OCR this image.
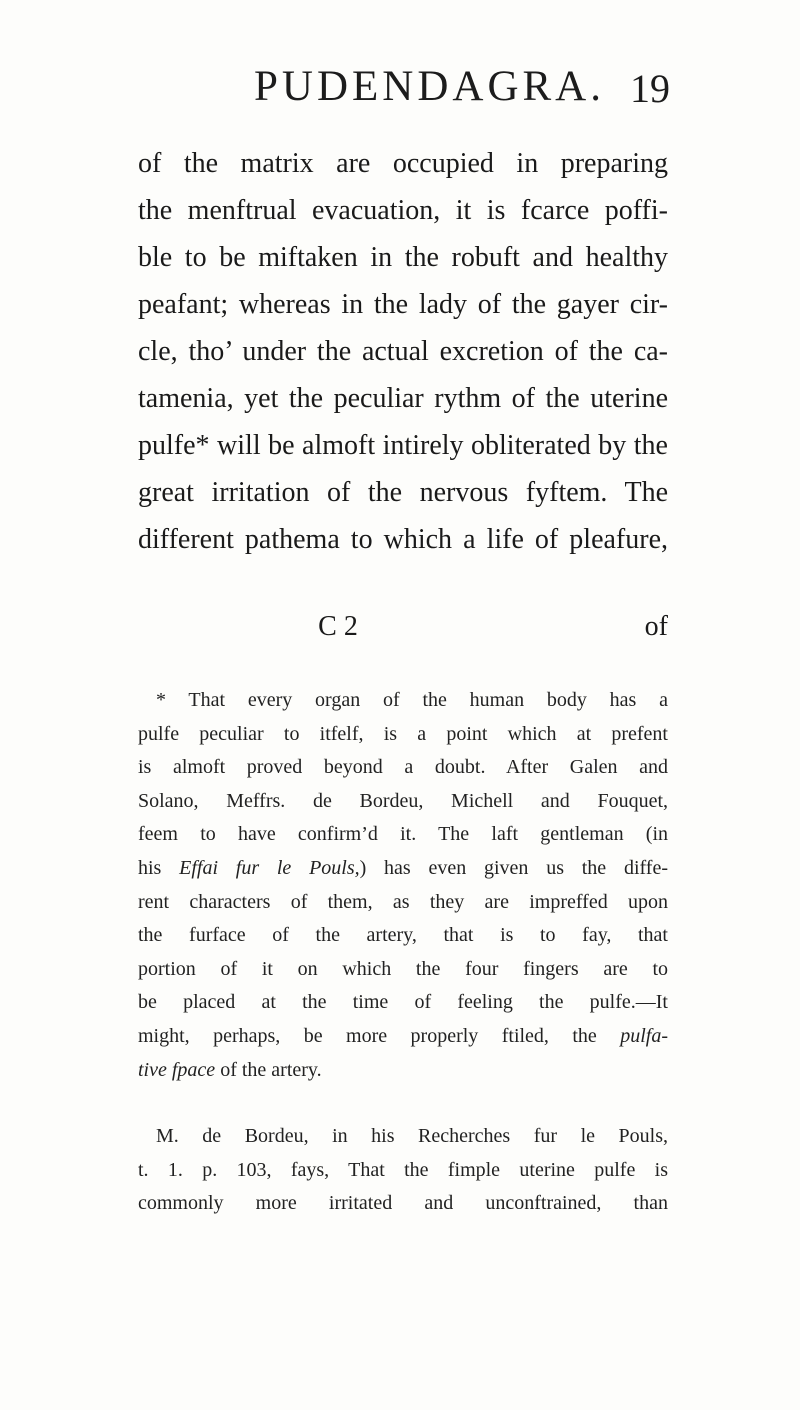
PUDENDAGRA. 19
of the matrix are occupied in preparing
the menftrual evacuation, it is fcarce poffi-
ble to be miftaken in the robuft and healthy
peafant; whereas in the lady of the gayer cir-
cle, tho’ under the actual excretion of the ca-
tamenia, yet the peculiar rythm of the uterine
pulfe* will be almoft intirely obliterated by the
great irritation of the nervous fyftem. The
different pathema to which a life of pleafure,
C 2	of
* That every organ of the human body has a
pulfe peculiar to itfelf, is a point which at prefent
is almoft proved beyond a doubt. After Galen and
Solano, Meffrs. de Bordeu, Michell and Fouquet,
feem to have confirm’d it. The laft gentleman (in
his Effai fur le Pouls,) has even given us the diffe-
rent characters of them, as they are impreffed upon
the furface of the artery, that is to fay, that
portion of it on which the four fingers are to
be placed at the time of feeling the pulfe.—It
might, perhaps, be more properly ftiled, the pulfa-
tive fpace of the artery.
M. de Bordeu, in his Recherches fur le Pouls,
t. 1. p. 103, fays, That the fimple uterine pulfe is
commonly more irritated and unconftrained, than
